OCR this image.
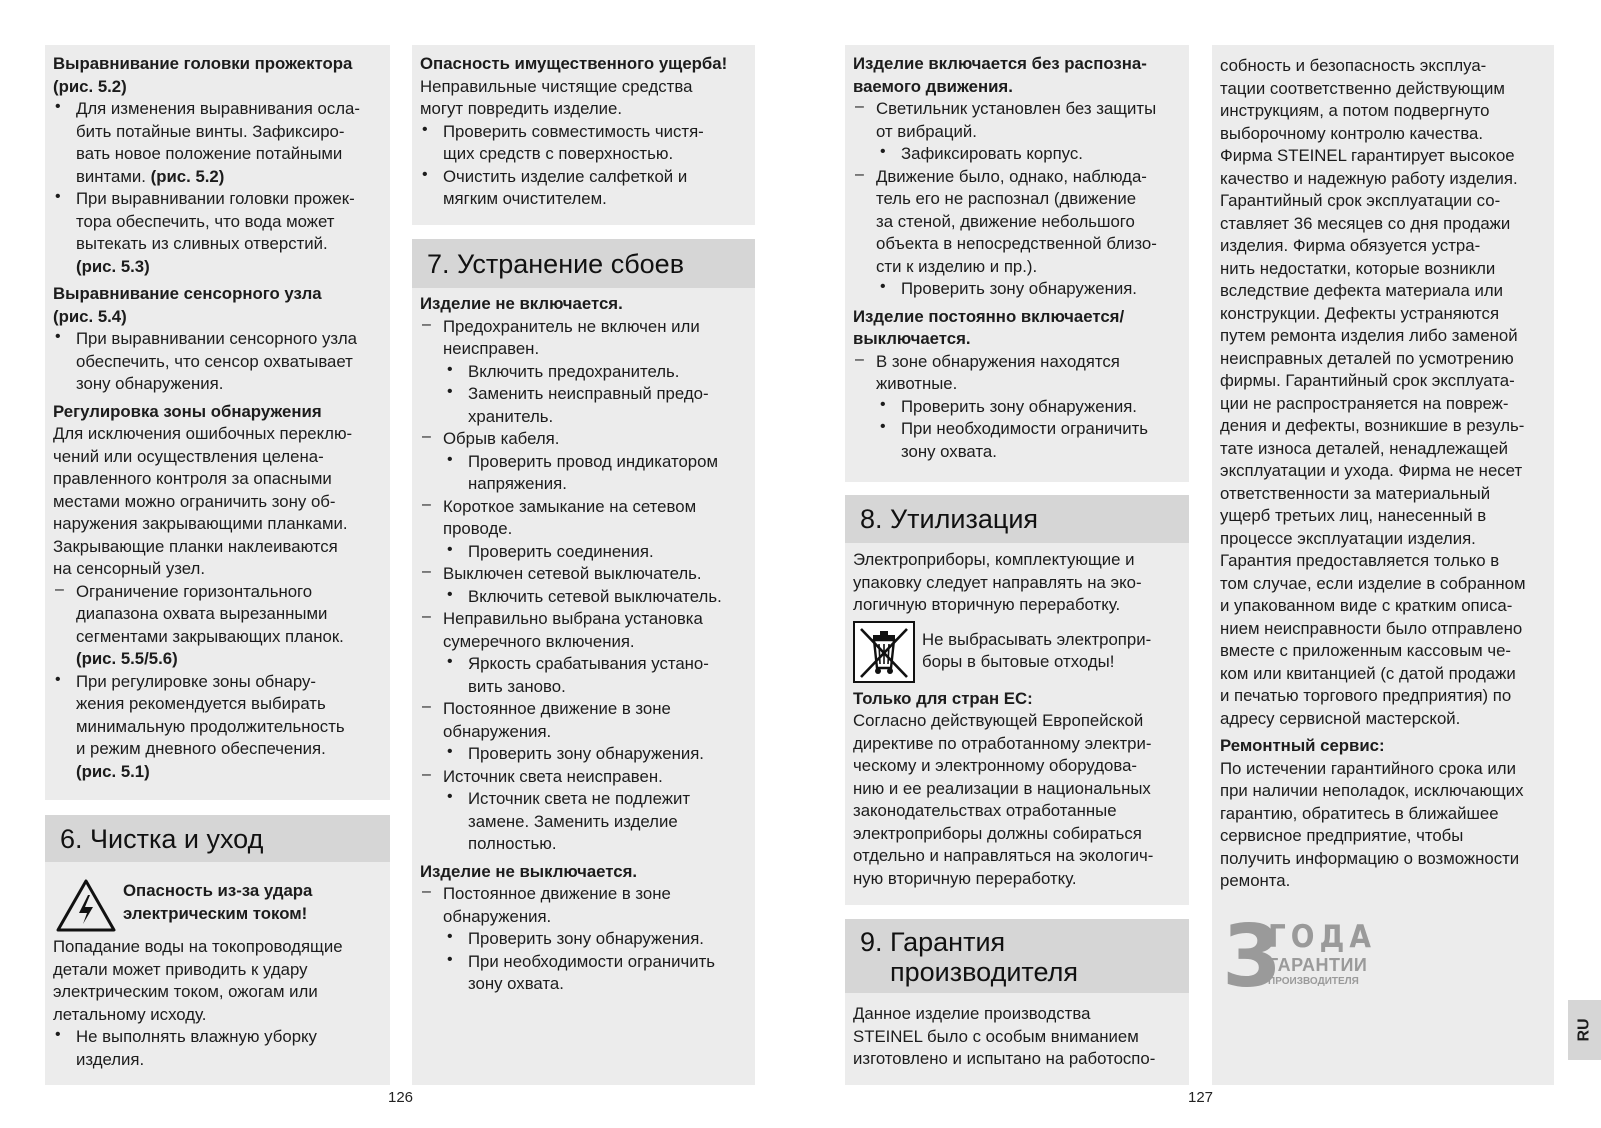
Выравнивание головки прожектора

(рис. 5.2)

• Для изменения выравнивания осла-

бить потайные винты. Зафиксиро-

вать новое положение потайными

винтами. (рис. 5.2)

• При выравнивании головки прожек-

тора обеспечить, что вода может

вытекать из сливных отверстий.

(рис. 5.3)

Выравнивание сенсорного узла

(рис. 5.4)

• При выравнивании сенсорного узла

обеспечить, что сенсор охватывает

зону обнаружения.

Регулировка зоны обнаружения

Для исключения ошибочных переклю-

чений или осуществления целена-

правленного контроля за опасными

местами можно ограничить зону об-

наружения закрывающими планками.

Закрывающие планки наклеиваются

на сенсорный узел.

– Ограничение горизонтального

диапазона охвата вырезанными

сегментами закрывающих планок.

(рис. 5.5/5.6)

• При регулировке зоны обнару-

жения рекомендуется выбирать

минимальную продолжительность

и режим дневного обеспечения.

(рис. 5.1)

6. Чистка и уход

Опасность из-за удара

электрическим током!

Попадание воды на токопроводящие

детали может приводить к удару

электрическим током, ожогам или

летальному исходу.

• Не выполнять влажную уборку

изделия.

Опасность имущественного ущерба!

Неправильные чистящие средства

могут повредить изделие.

• Проверить совместимость чистя-

щих средств с поверхностью.

• Очистить изделие салфеткой и

мягким очистителем.

7. Устранение сбоев

Изделие не включается.

– Предохранитель не включен или

неисправен.

• Включить предохранитель.

• Заменить неисправный предо-

хранитель.

– Обрыв кабеля.

• Проверить провод индикатором

напряжения.

– Короткое замыкание на сетевом

проводе.

• Проверить соединения.

– Выключен сетевой выключатель.

• Включить сетевой выключатель.

– Неправильно выбрана установка

сумеречного включения.

• Яркость срабатывания устано-

вить заново.

– Постоянное движение в зоне

обнаружения.

• Проверить зону обнаружения.

– Источник света неисправен.

• Источник света не подлежит

замене. Заменить изделие

полностью.

Изделие не выключается.

– Постоянное движение в зоне

обнаружения.

• Проверить зону обнаружения.

• При необходимости ограничить

зону охвата.

Изделие включается без распозна-

ваемого движения.

– Светильник установлен без защиты

от вибраций.

• Зафиксировать корпус.

– Движение было, однако, наблюда-

тель его не распознал (движение

за стеной, движение небольшого

объекта в непосредственной близо-

сти к изделию и пр.).

• Проверить зону обнаружения.

Изделие постоянно включается/

выключается.

– В зоне обнаружения находятся

животные.

• Проверить зону обнаружения.

• При необходимости ограничить

зону охвата.

8. Утилизация

Электроприборы, комплектующие и

упаковку следует направлять на эко-

логичную вторичную переработку.

Не выбрасывать электропри-

боры в бытовые отходы!

Только для стран ЕС:

Согласно действующей Европейской

директиве по отработанному электри-

ческому и электронному оборудова-

нию и ее реализации в национальных

законодательствах отработанные

электроприборы должны собираться

отдельно и направляться на экологич-

ную вторичную переработку.

9. Гарантия
производителя

Данное изделие производства

STEINEL было с особым вниманием

изготовлено и испытано на работоспо-

собность и безопасность эксплуа-

тации соответственно действующим

инструкциям, а потом подвергнуто

выборочному контролю качества.

Фирма STEINEL гарантирует высокое

качество и надежную работу изделия.

Гарантийный срок эксплуатации со-

ставляет 36 месяцев со дня продажи

изделия. Фирма обязуется устра-

нить недостатки, которые возникли

вследствие дефекта материала или

конструкции. Дефекты устраняются

путем ремонта изделия либо заменой

неисправных деталей по усмотрению

фирмы. Гарантийный срок эксплуата-

ции не распространяется на повреж-

дения и дефекты, возникшие в резуль-

тате износа деталей, ненадлежащей

эксплуатации и ухода. Фирма не несет

ответственности за материальный

ущерб третьих лиц, нанесенный в

процессе эксплуатации изделия.

Гарантия предоставляется только в

том случае, если изделие в собранном

и упакованном виде с кратким описа-

нием неисправности было отправлено

вместе с приложенным кассовым че-

ком или квитанцией (с датой продажи

и печатью торгового предприятия) по

адресу сервисной мастерской.

Ремонтный сервис:

По истечении гарантийного срока или

при наличии неполадок, исключающих

гарантию, обратитесь в ближайшее

сервисное предприятие, чтобы

получить информацию о возможности

ремонта.

3
ГОДА
ГАРАНТИИ
ПРОИЗВОДИТЕЛЯ
126	127
RU
